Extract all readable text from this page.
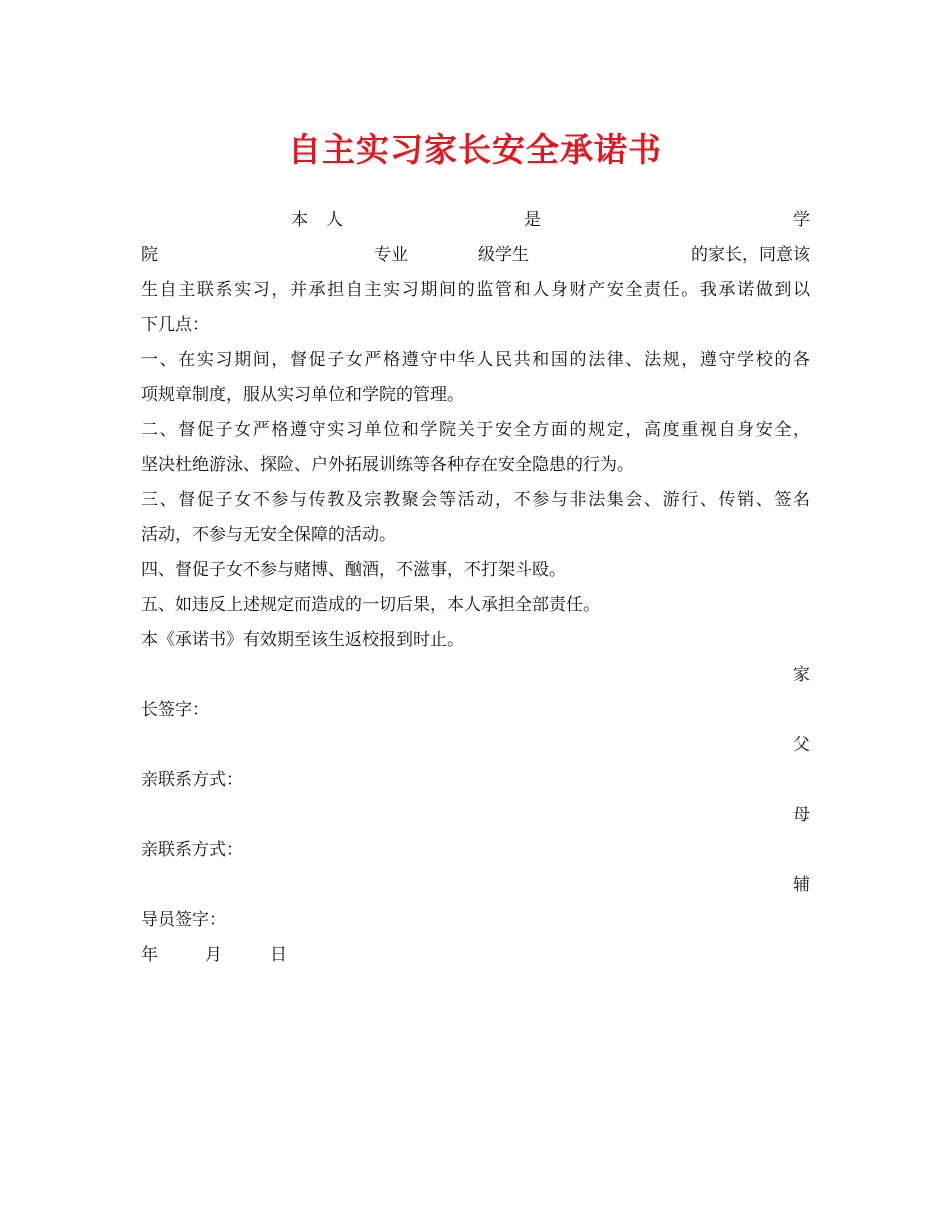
自主实习家长安全承诺书
本 人	是	学
院	专业	级学生	的家长，同意该
生自主联系实习，并承担自主实习期间的监管和人身财产安全责任。我承诺做到以
下几点：
一、在实习期间，督促子女严格遵守中华人民共和国的法律、法规，遵守学校的各
项规章制度，服从实习单位和学院的管理。
二、督促子女严格遵守实习单位和学院关于安全方面的规定，高度重视自身安全，
坚决杜绝游泳、探险、户外拓展训练等各种存在安全隐患的行为。
三、督促子女不参与传教及宗教聚会等活动，不参与非法集会、游行、传销、签名
活动，不参与无安全保障的活动。
四、督促子女不参与赌博、酗酒，不滋事，不打架斗殴。
五、如违反上述规定而造成的一切后果，本人承担全部责任。
本《承诺书》有效期至该生返校报到时止。
家
长签字：
父
亲联系方式：
母
亲联系方式：
辅
导员签字：
年	月	日
